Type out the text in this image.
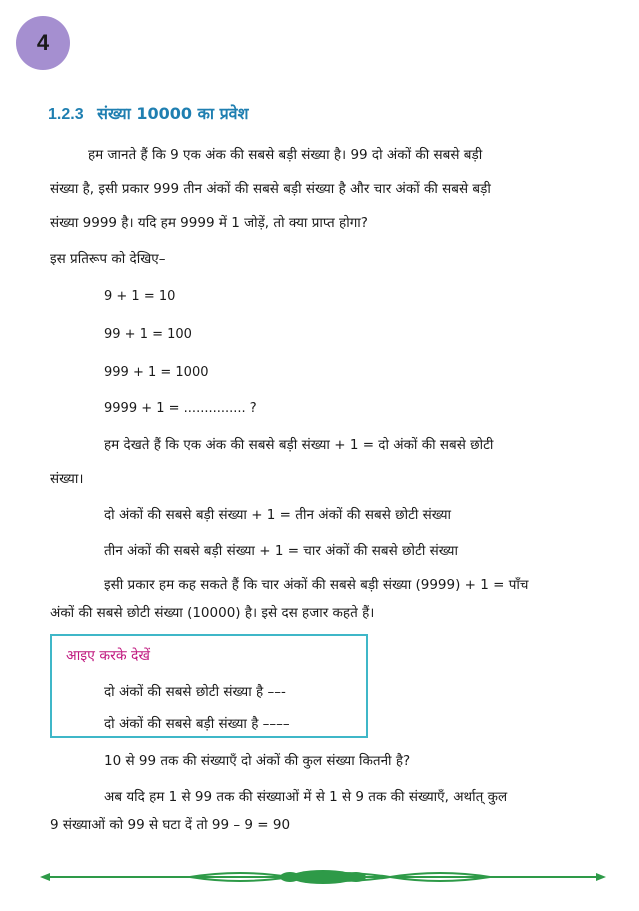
4
1.2.3 संख्या 10000 का प्रवेश
हम जानते हैं कि 9 एक अंक की सबसे बड़ी संख्या है। 99 दो अंकों की सबसे बड़ी
संख्या है, इसी प्रकार 999 तीन अंकों की सबसे बड़ी संख्या है और चार अंकों की सबसे बड़ी
संख्या 9999 है। यदि हम 9999 में 1 जोड़ें, तो क्या प्राप्त होगा?
इस प्रतिरूप को देखिए–
9 + 1 = 10
99 + 1 = 100
999 + 1 = 1000
9999 + 1 = ............... ?
हम देखते हैं कि एक अंक की सबसे बड़ी संख्या + 1 = दो अंकों की सबसे छोटी
संख्या।
दो अंकों की सबसे बड़ी संख्या + 1 = तीन अंकों की सबसे छोटी संख्या
तीन अंकों की सबसे बड़ी संख्या + 1 = चार अंकों की सबसे छोटी संख्या
इसी प्रकार हम कह सकते हैं कि चार अंकों की सबसे बड़ी संख्या (9999) + 1 = पाँच
अंकों की सबसे छोटी संख्या (10000) है। इसे दस हजार कहते हैं।
आइए करके देखें
दो अंकों की सबसे छोटी संख्या है ––-
दो अंकों की सबसे बड़ी संख्या है ––––
10 से 99 तक की संख्याएँ दो अंकों की कुल संख्या कितनी है?
अब यदि हम 1 से 99 तक की संख्याओं में से 1 से 9 तक की संख्याएँ, अर्थात् कुल
9 संख्याओं को 99 से घटा दें तो 99 – 9 = 90
